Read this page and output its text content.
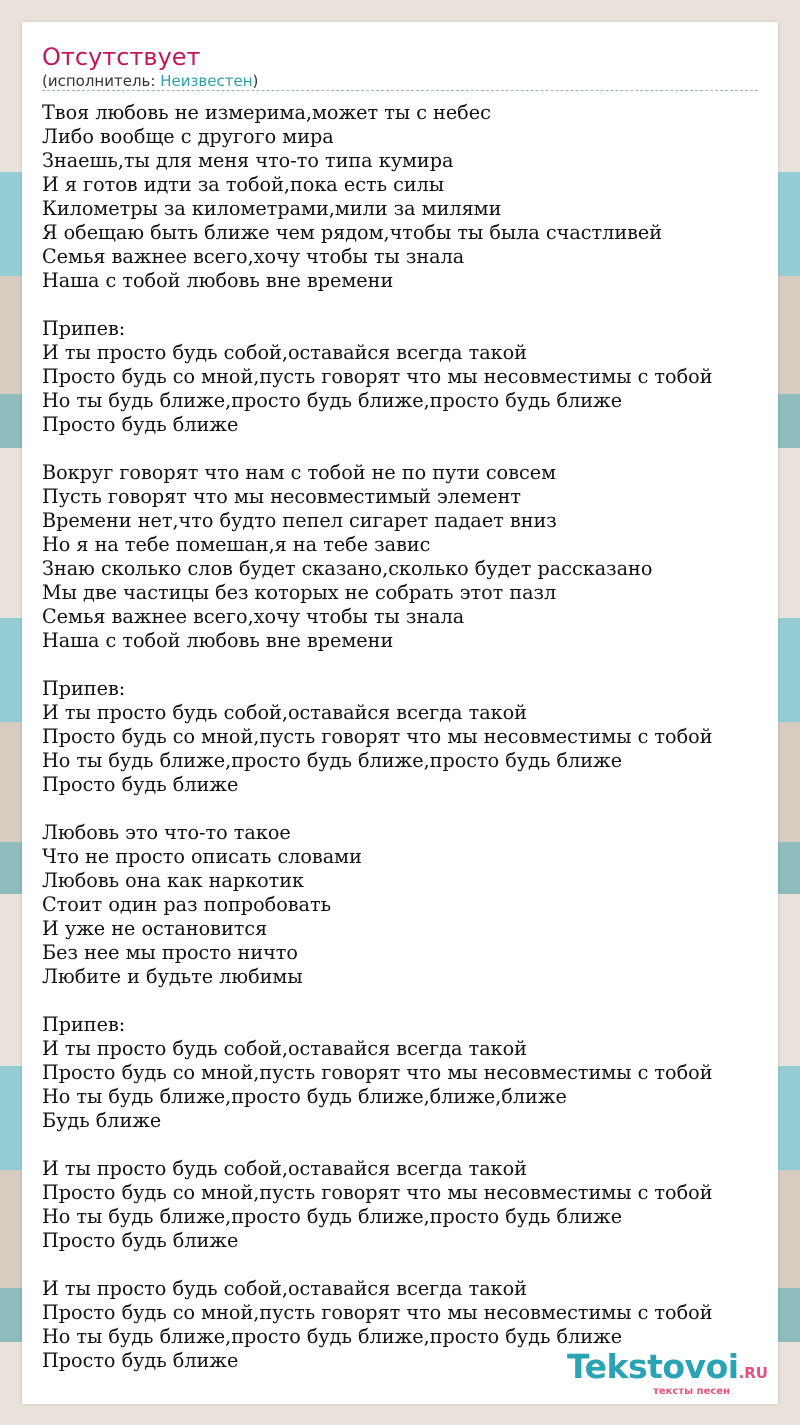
Отсутствует
(исполнитель: Неизвестен)
Твоя любовь не измерима,может ты с небес
Либо вообще с другого мира
Знаешь,ты для меня что-то типа кумира
И я готов идти за тобой,пока есть силы
Километры за километрами,мили за милями
Я обещаю быть ближе чем рядом,чтобы ты была счастливей
Семья важнее всего,хочу чтобы ты знала
Наша с тобой любовь вне времени
Припев:
И ты просто будь собой,оставайся всегда такой
Просто будь со мной,пусть говорят что мы несовместимы с тобой
Но ты будь ближе,просто будь ближе,просто будь ближе
Просто будь ближе
Вокруг говорят что нам с тобой не по пути совсем
Пусть говорят что мы несовместимый элемент
Времени нет,что будто пепел сигарет падает вниз
Но я на тебе помешан,я на тебе завис
Знаю сколько слов будет сказано,сколько будет рассказано
Мы две частицы без которых не собрать этот пазл
Семья важнее всего,хочу чтобы ты знала
Наша с тобой любовь вне времени
Припев:
И ты просто будь собой,оставайся всегда такой
Просто будь со мной,пусть говорят что мы несовместимы с тобой
Но ты будь ближе,просто будь ближе,просто будь ближе
Просто будь ближе
Любовь это что-то такое
Что не просто описать словами
Любовь она как наркотик
Стоит один раз попробовать
И уже не остановится
Без нее мы просто ничто
Любите и будьте любимы
Припев:
И ты просто будь собой,оставайся всегда такой
Просто будь со мной,пусть говорят что мы несовместимы с тобой
Но ты будь ближе,просто будь ближе,ближе,ближе
Будь ближе
И ты просто будь собой,оставайся всегда такой
Просто будь со мной,пусть говорят что мы несовместимы с тобой
Но ты будь ближе,просто будь ближе,просто будь ближе
Просто будь ближе
И ты просто будь собой,оставайся всегда такой
Просто будь со мной,пусть говорят что мы несовместимы с тобой
Но ты будь ближе,просто будь ближе,просто будь ближе
Просто будь ближе	Tekstovoi.RU
тексты песен
